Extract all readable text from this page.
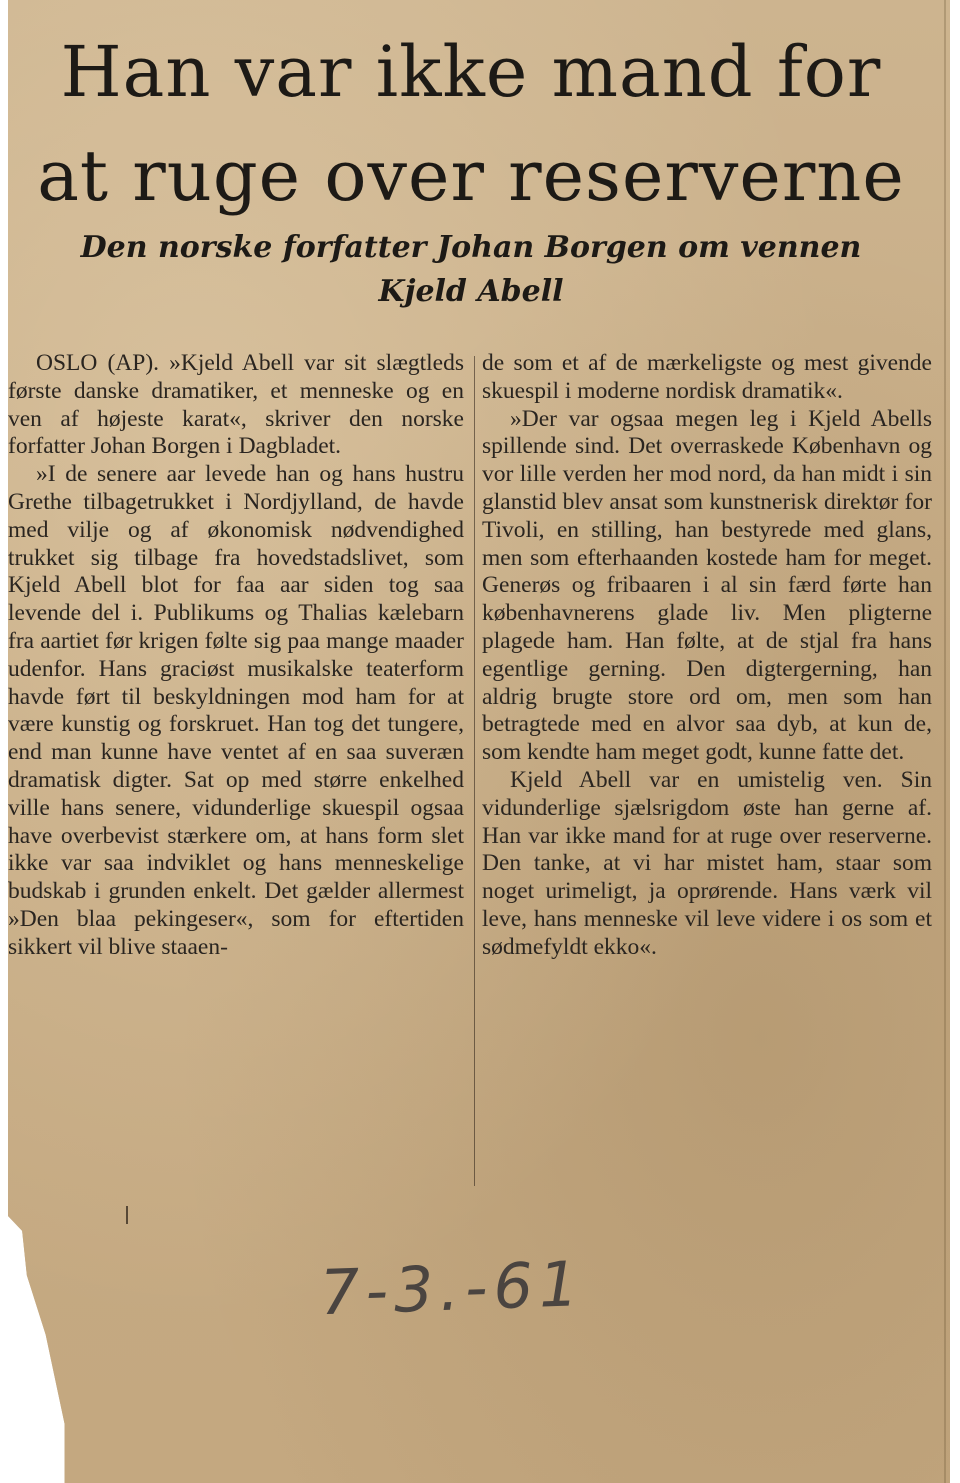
Han var ikke mand for
at ruge over reserverne
Den norske forfatter Johan Borgen om vennen
Kjeld Abell

OSLO (AP). »Kjeld Abell var sit slægtleds første danske dramatiker, et menneske og en ven af højeste karat«, skriver den norske forfatter Johan Borgen i Dagbladet.

»I de senere aar levede han og hans hustru Grethe tilbagetrukket i Nordjylland, de havde med vilje og af økonomisk nødvendighed trukket sig tilbage fra hovedstadslivet, som Kjeld Abell blot for faa aar siden tog saa levende del i. Publikums og Thalias kælebarn fra aartiet før krigen følte sig paa mange maader udenfor. Hans graciøst musikalske teaterform havde ført til beskyldningen mod ham for at være kunstig og forskruet. Han tog det tungere, end man kunne have ventet af en saa suveræn dramatisk digter. Sat op med større enkelhed ville hans senere, vidunderlige skuespil ogsaa have overbevist stærkere om, at hans form slet ikke var saa indviklet og hans menneskelige budskab i grunden enkelt. Det gælder allermest »Den blaa pekingeser«, som for eftertiden sikkert vil blive staaen-

de som et af de mærkeligste og mest givende skuespil i moderne nordisk dramatik«.

»Der var ogsaa megen leg i Kjeld Abells spillende sind. Det overraskede København og vor lille verden her mod nord, da han midt i sin glanstid blev ansat som kunstnerisk direktør for Tivoli, en stilling, han bestyrede med glans, men som efterhaanden kostede ham for meget. Generøs og fribaaren i al sin færd førte han københavnerens glade liv. Men pligterne plagede ham. Han følte, at de stjal fra hans egentlige gerning. Den digtergerning, han aldrig brugte store ord om, men som han betragtede med en alvor saa dyb, at kun de, som kendte ham meget godt, kunne fatte det.

Kjeld Abell var en umistelig ven. Sin vidunderlige sjælsrigdom øste han gerne af. Han var ikke mand for at ruge over reserverne. Den tanke, at vi har mistet ham, staar som noget urimeligt, ja oprørende. Hans værk vil leve, hans menneske vil leve videre i os som et sødmefyldt ekko«.

7-3.-61
